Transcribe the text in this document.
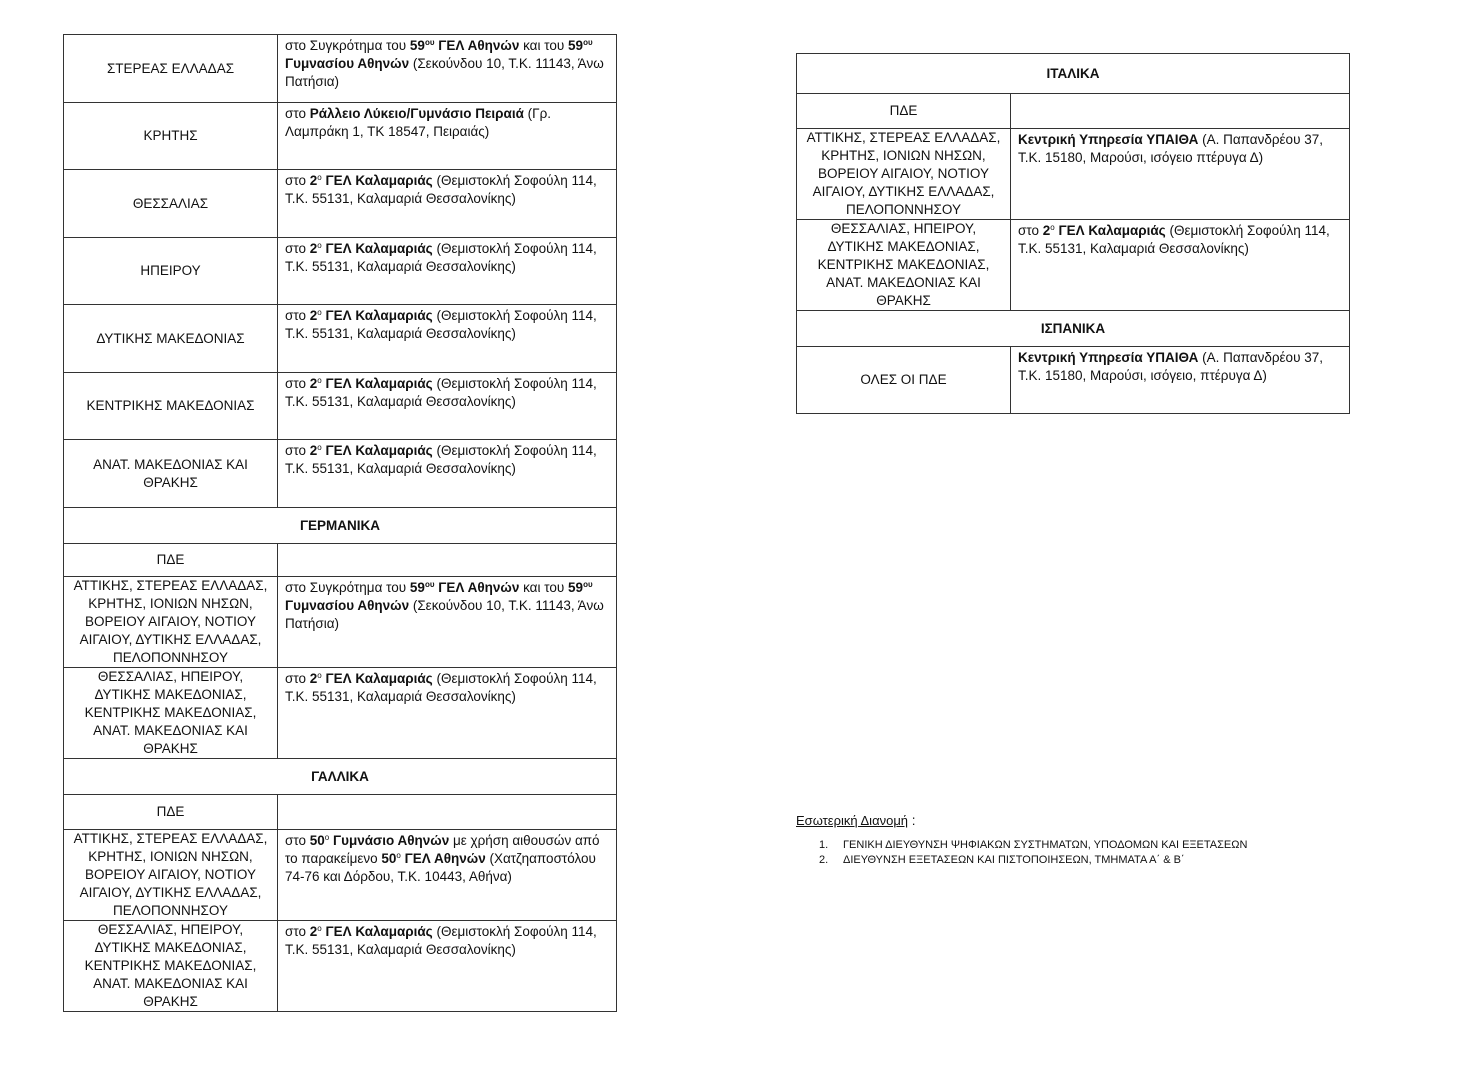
ΣΤΕΡΕΑΣ ΕΛΛΑΔΑΣ	στο Συγκρότημα του $59^{o\upsilon}$ ΓΕΛ Αθηνών και του $59^{o\upsilon}$ Γυμνασίου Αθηνών (Σεκούνδου 10, Τ.Κ. 11143, Άνω Πατήσια)
ΚΡΗΤΗΣ	στο Ράλλειο Λύκειο/Γυμνάσιο Πειραιά (Γρ. Λαμπράκη 1, ΤΚ 18547, Πειραιάς)
ΘΕΣΣΑΛΙΑΣ	στο $2^o$ ΓΕΛ Καλαμαριάς (Θεμιστοκλή Σοφούλη 114, Τ.Κ. 55131, Καλαμαριά Θεσσαλονίκης)
ΗΠΕΙΡΟΥ	στο $2^o$ ΓΕΛ Καλαμαριάς (Θεμιστοκλή Σοφούλη 114, Τ.Κ. 55131, Καλαμαριά Θεσσαλονίκης)
ΔΥΤΙΚΗΣ ΜΑΚΕΔΟΝΙΑΣ	στο $2^o$ ΓΕΛ Καλαμαριάς (Θεμιστοκλή Σοφούλη 114, Τ.Κ. 55131, Καλαμαριά Θεσσαλονίκης)
ΚΕΝΤΡΙΚΗΣ ΜΑΚΕΔΟΝΙΑΣ	στο $2^o$ ΓΕΛ Καλαμαριάς (Θεμιστοκλή Σοφούλη 114, Τ.Κ. 55131, Καλαμαριά Θεσσαλονίκης)
ΑΝΑΤ. ΜΑΚΕΔΟΝΙΑΣ ΚΑΙ ΘΡΑΚΗΣ	στο $2^o$ ΓΕΛ Καλαμαριάς (Θεμιστοκλή Σοφούλη 114, Τ.Κ. 55131, Καλαμαριά Θεσσαλονίκης)
ΓΕΡΜΑΝΙΚΑ	
ΠΔΕ	
ΑΤΤΙΚΗΣ, ΣΤΕΡΕΑΣ ΕΛΛΑΔΑΣ, ΚΡΗΤΗΣ, ΙΟΝΙΩΝ ΝΗΣΩΝ, ΒΟΡΕΙΟΥ ΑΙΓΑΙΟΥ, ΝΟΤΙΟΥ ΑΙΓΑΙΟΥ, ΔΥΤΙΚΗΣ ΕΛΛΑΔΑΣ, ΠΕΛΟΠΟΝΝΗΣΟΥ	στο Συγκρότημα του $59^{o\upsilon}$ ΓΕΛ Αθηνών και του $59^{o\upsilon}$ Γυμνασίου Αθηνών (Σεκούνδου 10, Τ.Κ. 11143, Άνω Πατήσια)
ΘΕΣΣΑΛΙΑΣ, ΗΠΕΙΡΟΥ, ΔΥΤΙΚΗΣ ΜΑΚΕΔΟΝΙΑΣ, ΚΕΝΤΡΙΚΗΣ ΜΑΚΕΔΟΝΙΑΣ, ΑΝΑΤ. ΜΑΚΕΔΟΝΙΑΣ ΚΑΙ ΘΡΑΚΗΣ	στο $2^o$ ΓΕΛ Καλαμαριάς (Θεμιστοκλή Σοφούλη 114, Τ.Κ. 55131, Καλαμαριά Θεσσαλονίκης)
ΓΑΛΛΙΚΑ	
ΠΔΕ	
ΑΤΤΙΚΗΣ, ΣΤΕΡΕΑΣ ΕΛΛΑΔΑΣ, ΚΡΗΤΗΣ, ΙΟΝΙΩΝ ΝΗΣΩΝ, ΒΟΡΕΙΟΥ ΑΙΓΑΙΟΥ, ΝΟΤΙΟΥ ΑΙΓΑΙΟΥ, ΔΥΤΙΚΗΣ ΕΛΛΑΔΑΣ, ΠΕΛΟΠΟΝΝΗΣΟΥ	στο $50^o$ Γυμνάσιο Αθηνών με χρήση αιθουσών από το παρακείμενο $50^o$ ΓΕΛ Αθηνών (Χατζηαποστόλου 74-76 και Δόρδου, Τ.Κ. 10443, Αθήνα)
ΘΕΣΣΑΛΙΑΣ, ΗΠΕΙΡΟΥ, ΔΥΤΙΚΗΣ ΜΑΚΕΔΟΝΙΑΣ, ΚΕΝΤΡΙΚΗΣ ΜΑΚΕΔΟΝΙΑΣ, ΑΝΑΤ. ΜΑΚΕΔΟΝΙΑΣ ΚΑΙ ΘΡΑΚΗΣ	στο $2^o$ ΓΕΛ Καλαμαριάς (Θεμιστοκλή Σοφούλη 114, Τ.Κ. 55131, Καλαμαριά Θεσσαλονίκης)
ΙΤΑΛΙΚΑ	
ΠΔΕ	
ΑΤΤΙΚΗΣ, ΣΤΕΡΕΑΣ ΕΛΛΑΔΑΣ, ΚΡΗΤΗΣ, ΙΟΝΙΩΝ ΝΗΣΩΝ, ΒΟΡΕΙΟΥ ΑΙΓΑΙΟΥ, ΝΟΤΙΟΥ ΑΙΓΑΙΟΥ, ΔΥΤΙΚΗΣ ΕΛΛΑΔΑΣ, ΠΕΛΟΠΟΝΝΗΣΟΥ	Κεντρική Υπηρεσία ΥΠΑΙΘΑ (Α. Παπανδρέου 37, Τ.Κ. 15180, Μαρούσι, ισόγειο πτέρυγα Δ)
ΘΕΣΣΑΛΙΑΣ, ΗΠΕΙΡΟΥ, ΔΥΤΙΚΗΣ ΜΑΚΕΔΟΝΙΑΣ, ΚΕΝΤΡΙΚΗΣ ΜΑΚΕΔΟΝΙΑΣ, ΑΝΑΤ. ΜΑΚΕΔΟΝΙΑΣ ΚΑΙ ΘΡΑΚΗΣ	στο $2^o$ ΓΕΛ Καλαμαριάς (Θεμιστοκλή Σοφούλη 114, Τ.Κ. 55131, Καλαμαριά Θεσσαλονίκης)
ΙΣΠΑΝΙΚΑ	
ΟΛΕΣ ΟΙ ΠΔΕ	Κεντρική Υπηρεσία ΥΠΑΙΘΑ (Α. Παπανδρέου 37, Τ.Κ. 15180, Μαρούσι, ισόγειο, πτέρυγα Δ)
Εσωτερική Διανομή :
1.	ΓΕΝΙΚΗ ΔΙΕΥΘΥΝΣΗ ΨΗΦΙΑΚΩΝ ΣΥΣΤΗΜΑΤΩΝ, ΥΠΟΔΟΜΩΝ ΚΑΙ ΕΞΕΤΑΣΕΩΝ
2.	ΔΙΕΥΘΥΝΣΗ ΕΞΕΤΑΣΕΩΝ ΚΑΙ ΠΙΣΤΟΠΟΙΗΣΕΩΝ, ΤΜΗΜΑΤΑ Α΄ & Β΄
